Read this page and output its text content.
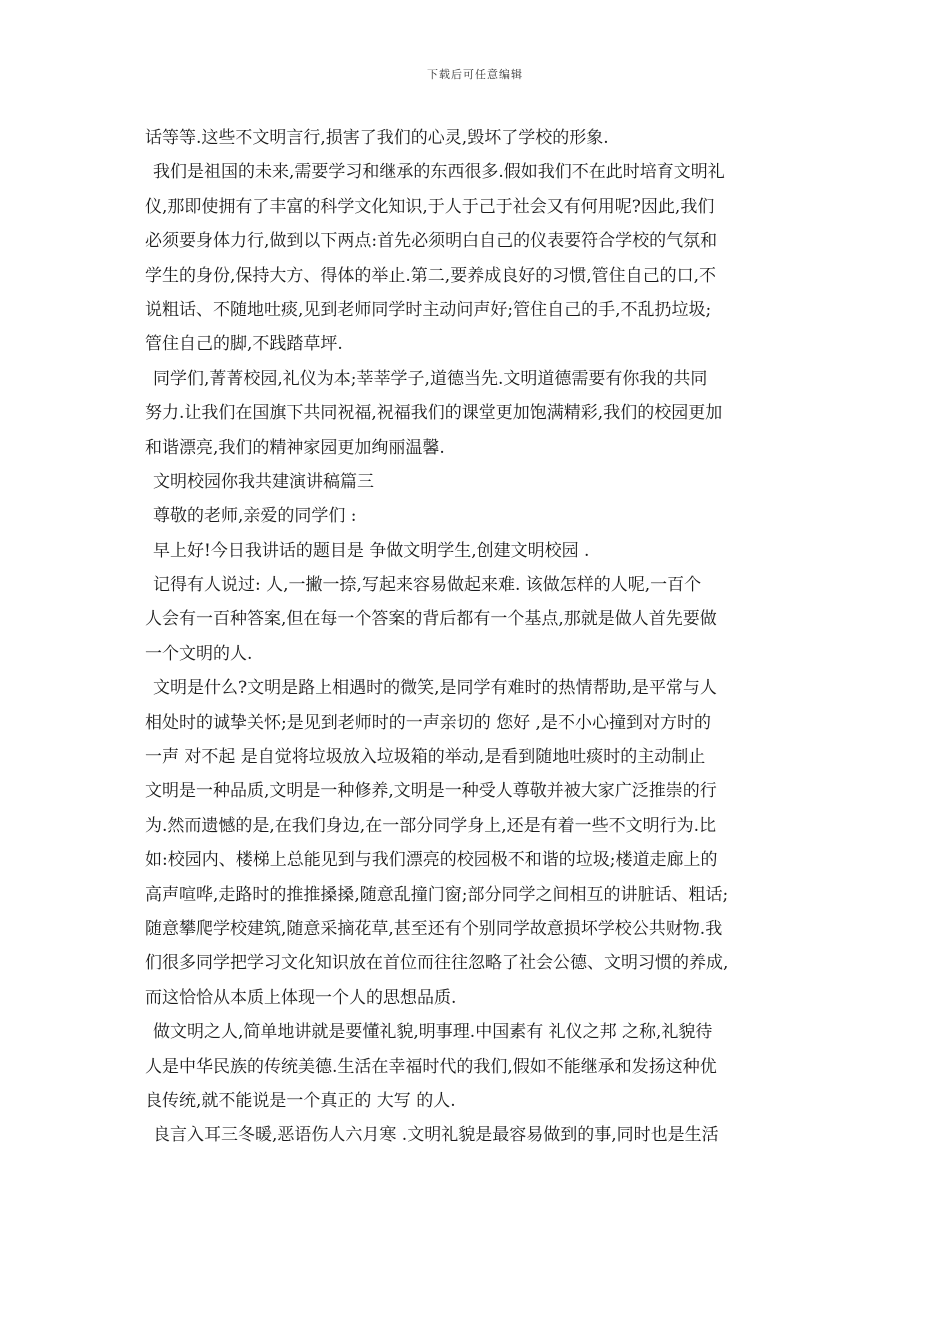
下载后可任意编辑
话等等.这些不文明言行,损害了我们的心灵,毁坏了学校的形象.
我们是祖国的未来,需要学习和继承的东西很多.假如我们不在此时培育文明礼
仪,那即使拥有了丰富的科学文化知识,于人于己于社会又有何用呢?因此,我们
必须要身体力行,做到以下两点:首先必须明白自己的仪表要符合学校的气氛和
学生的身份,保持大方、得体的举止.第二,要养成良好的习惯,管住自己的口,不
说粗话、不随地吐痰,见到老师同学时主动问声好;管住自己的手,不乱扔垃圾;
管住自己的脚,不践踏草坪.
同学们,菁菁校园,礼仪为本;莘莘学子,道德当先.文明道德需要有你我的共同
努力.让我们在国旗下共同祝福,祝福我们的课堂更加饱满精彩,我们的校园更加
和谐漂亮,我们的精神家园更加绚丽温馨.
文明校园你我共建演讲稿篇三
尊敬的老师,亲爱的同学们 :
早上好!今日我讲话的题目是 争做文明学生,创建文明校园 .
记得有人说过: 人,一撇一捺,写起来容易做起来难. 该做怎样的人呢,一百个
人会有一百种答案,但在每一个答案的背后都有一个基点,那就是做人首先要做
一个文明的人.
文明是什么?文明是路上相遇时的微笑,是同学有难时的热情帮助,是平常与人
相处时的诚挚关怀;是见到老师时的一声亲切的 您好 ,是不小心撞到对方时的
一声 对不起 是自觉将垃圾放入垃圾箱的举动,是看到随地吐痰时的主动制止
文明是一种品质,文明是一种修养,文明是一种受人尊敬并被大家广泛推崇的行
为.然而遗憾的是,在我们身边,在一部分同学身上,还是有着一些不文明行为.比
如:校园内、楼梯上总能见到与我们漂亮的校园极不和谐的垃圾;楼道走廊上的
高声喧哗,走路时的推推搡搡,随意乱撞门窗;部分同学之间相互的讲脏话、粗话;
随意攀爬学校建筑,随意采摘花草,甚至还有个别同学故意损坏学校公共财物.我
们很多同学把学习文化知识放在首位而往往忽略了社会公德、文明习惯的养成,
而这恰恰从本质上体现一个人的思想品质.
做文明之人,简单地讲就是要懂礼貌,明事理.中国素有 礼仪之邦 之称,礼貌待
人是中华民族的传统美德.生活在幸福时代的我们,假如不能继承和发扬这种优
良传统,就不能说是一个真正的 大写 的人.
良言入耳三冬暖,恶语伤人六月寒 .文明礼貌是最容易做到的事,同时也是生活
